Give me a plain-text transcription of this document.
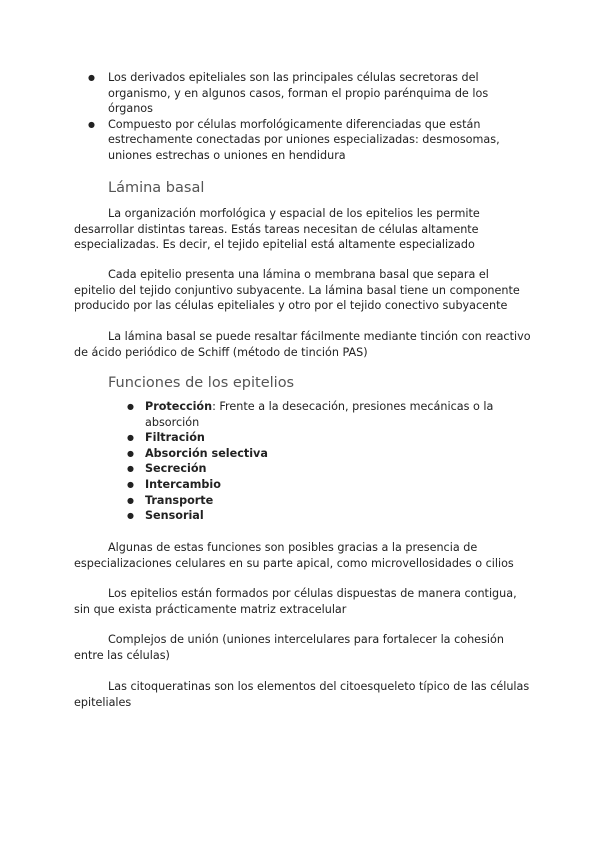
● Los derivados epiteliales son las principales células secretoras del organismo, y en algunos casos, forman el propio parénquima de los órganos
● Compuesto por células morfológicamente diferenciadas que están estrechamente conectadas por uniones especializadas: desmosomas, uniones estrechas o uniones en hendidura
Lámina basal

La organización morfológica y espacial de los epitelios les permite desarrollar distintas tareas. Estás tareas necesitan de células altamente especializadas. Es decir, el tejido epitelial está altamente especializado

Cada epitelio presenta una lámina o membrana basal que separa el epitelio del tejido conjuntivo subyacente. La lámina basal tiene un componente producido por las células epiteliales y otro por el tejido conectivo subyacente

La lámina basal se puede resaltar fácilmente mediante tinción con reactivo de ácido periódico de Schiff (método de tinción PAS)

Funciones de los epitelios
● Protección: Frente a la desecación, presiones mecánicas o la absorción
● Filtración
● Absorción selectiva
● Secreción
● Intercambio
● Transporte
● Sensorial

Algunas de estas funciones son posibles gracias a la presencia de especializaciones celulares en su parte apical, como microvellosidades o cilios

Los epitelios están formados por células dispuestas de manera contigua, sin que exista prácticamente matriz extracelular

Complejos de unión (uniones intercelulares para fortalecer la cohesión entre las células)

Las citoqueratinas son los elementos del citoesqueleto típico de las células epiteliales
